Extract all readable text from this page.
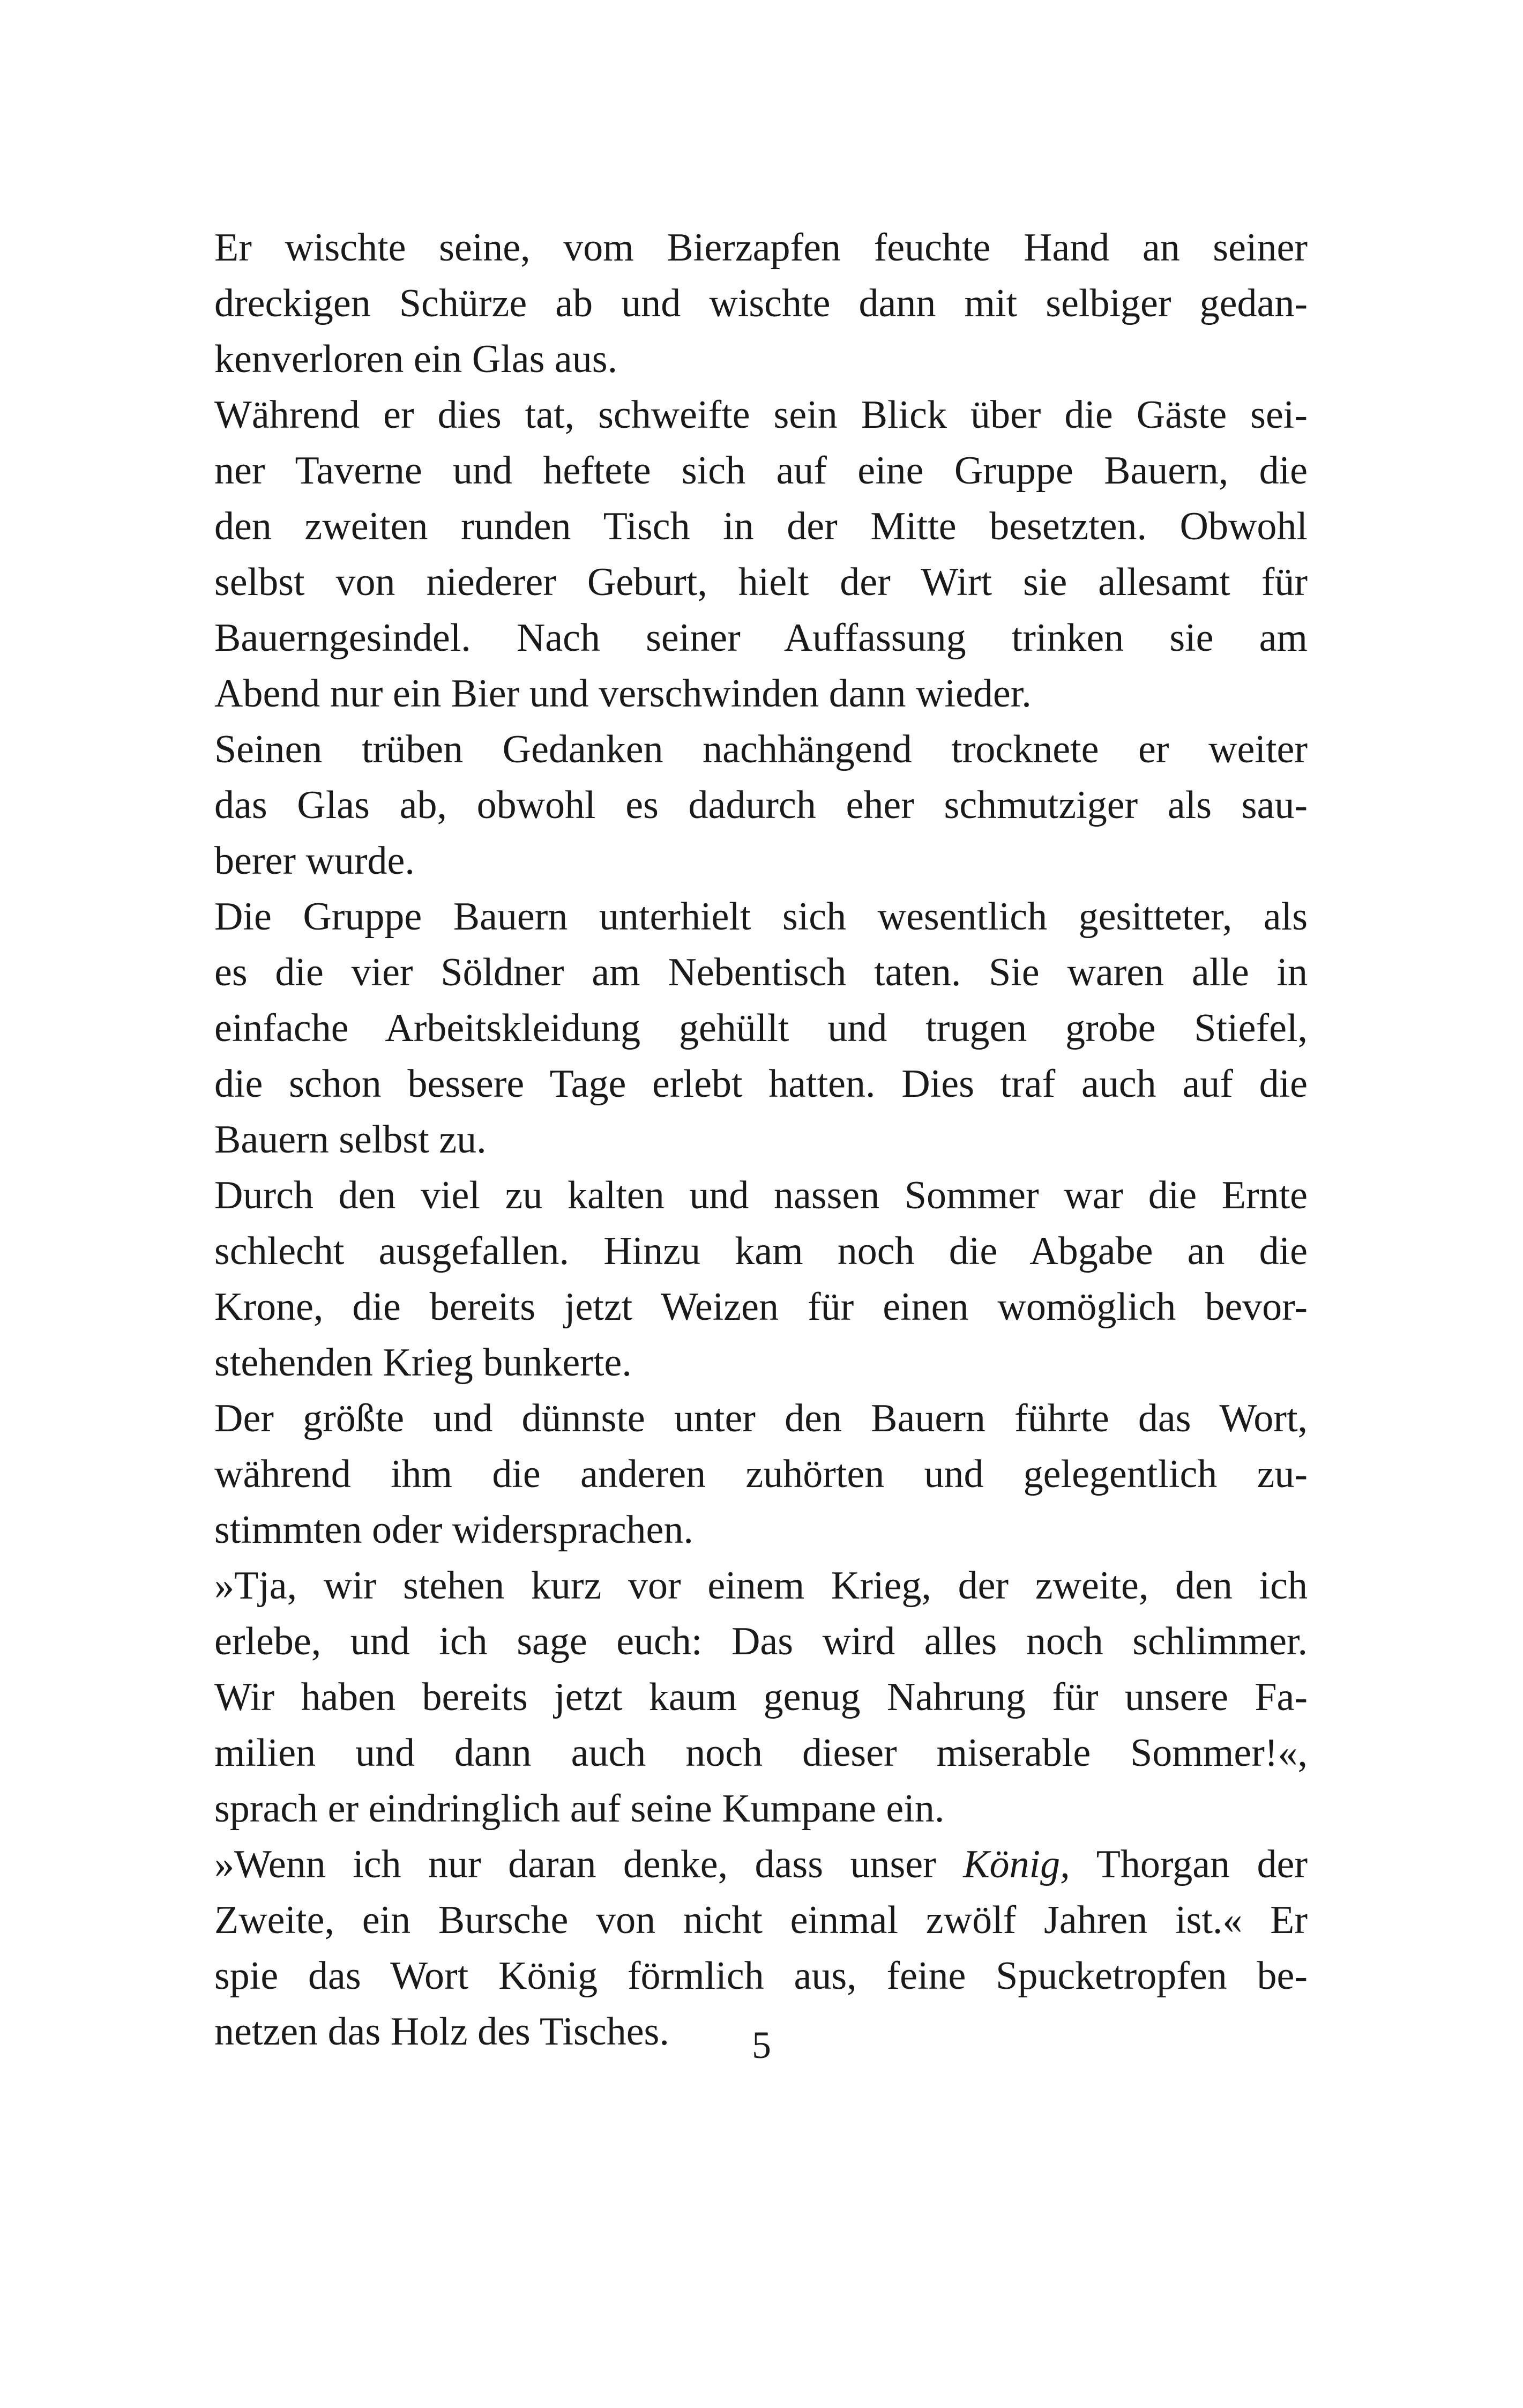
Er wischte seine, vom Bierzapfen feuchte Hand an seiner
dreckigen Schürze ab und wischte dann mit selbiger gedan-
kenverloren ein Glas aus.
Während er dies tat, schweifte sein Blick über die Gäste sei-
ner Taverne und heftete sich auf eine Gruppe Bauern, die
den zweiten runden Tisch in der Mitte besetzten. Obwohl
selbst von niederer Geburt, hielt der Wirt sie allesamt für
Bauerngesindel. Nach seiner Auffassung trinken sie am
Abend nur ein Bier und verschwinden dann wieder.
Seinen trüben Gedanken nachhängend trocknete er weiter
das Glas ab, obwohl es dadurch eher schmutziger als sau-
berer wurde.
Die Gruppe Bauern unterhielt sich wesentlich gesitteter, als
es die vier Söldner am Nebentisch taten. Sie waren alle in
einfache Arbeitskleidung gehüllt und trugen grobe Stiefel,
die schon bessere Tage erlebt hatten. Dies traf auch auf die
Bauern selbst zu.
Durch den viel zu kalten und nassen Sommer war die Ernte
schlecht ausgefallen. Hinzu kam noch die Abgabe an die
Krone, die bereits jetzt Weizen für einen womöglich bevor-
stehenden Krieg bunkerte.
Der größte und dünnste unter den Bauern führte das Wort,
während ihm die anderen zuhörten und gelegentlich zu-
stimmten oder widersprachen.
»Tja, wir stehen kurz vor einem Krieg, der zweite, den ich
erlebe, und ich sage euch: Das wird alles noch schlimmer.
Wir haben bereits jetzt kaum genug Nahrung für unsere Fa-
milien und dann auch noch dieser miserable Sommer!«,
sprach er eindringlich auf seine Kumpane ein.
»Wenn ich nur daran denke, dass unser König, Thorgan der
Zweite, ein Bursche von nicht einmal zwölf Jahren ist.« Er
spie das Wort König förmlich aus, feine Spucketropfen be-
netzen das Holz des Tisches.	5
